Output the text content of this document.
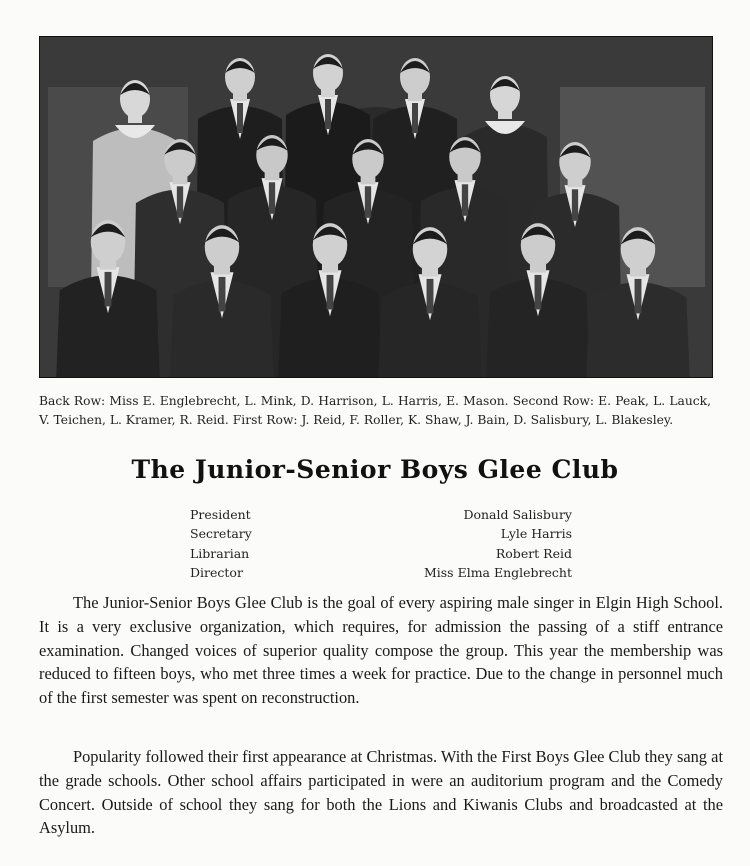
Back Row: Miss E. Englebrecht, L. Mink, D. Harrison, L. Harris, E. Mason. Second Row: E. Peak, L. Lauck, V. Teichen, L. Kramer, R. Reid. First Row: J. Reid, F. Roller, K. Shaw, J. Bain, D. Salisbury, L. Blakesley.
The Junior-Senior Boys Glee Club
President	Donald Salisbury
Secretary	Lyle Harris
Librarian	Robert Reid
Director	Miss Elma Englebrecht

The Junior-Senior Boys Glee Club is the goal of every aspiring male singer in Elgin High School. It is a very exclusive organization, which requires, for admission the passing of a stiff entrance examination. Changed voices of superior quality compose the group. This year the membership was reduced to fifteen boys, who met three times a week for practice. Due to the change in personnel much of the first semester was spent on reconstruction.

Popularity followed their first appearance at Christmas. With the First Boys Glee Club they sang at the grade schools. Other school affairs participated in were an auditorium program and the Comedy Concert. Outside of school they sang for both the Lions and Kiwanis Clubs and broadcasted at the Asylum.
